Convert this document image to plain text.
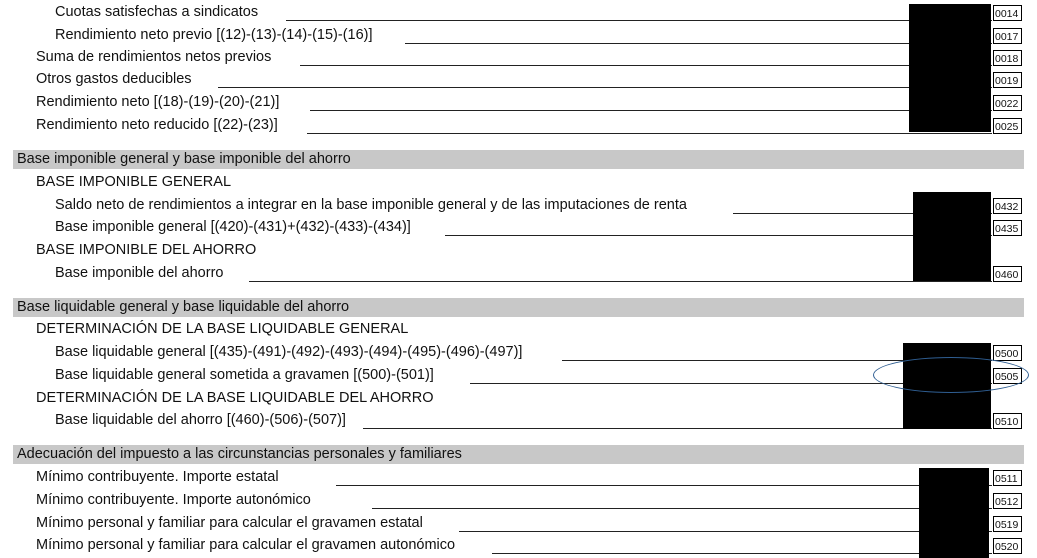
Cuotas satisfechas a sindicatos	0014
Rendimiento neto previo [(12)-(13)-(14)-(15)-(16)]	0017
Suma de rendimientos netos previos	0018
Otros gastos deducibles	0019
Rendimiento neto [(18)-(19)-(20)-(21)]	0022
Rendimiento neto reducido [(22)-(23)]	0025
Base imponible general y base imponible del ahorro
BASE IMPONIBLE GENERAL
Saldo neto de rendimientos a integrar en la base imponible general y de las imputaciones de renta	0432
Base imponible general [(420)-(431)+(432)-(433)-(434)]	0435
BASE IMPONIBLE DEL AHORRO
Base imponible del ahorro	0460
Base liquidable general y base liquidable del ahorro
DETERMINACIÓN DE LA BASE LIQUIDABLE GENERAL
Base liquidable general [(435)-(491)-(492)-(493)-(494)-(495)-(496)-(497)]	0500
Base liquidable general sometida a gravamen [(500)-(501)]	0505
DETERMINACIÓN DE LA BASE LIQUIDABLE DEL AHORRO
Base liquidable del ahorro [(460)-(506)-(507)]	0510
Adecuación del impuesto a las circunstancias personales y familiares
Mínimo contribuyente. Importe estatal	0511
Mínimo contribuyente. Importe autonómico	0512
Mínimo personal y familiar para calcular el gravamen estatal	0519
Mínimo personal y familiar para calcular el gravamen autonómico	0520
